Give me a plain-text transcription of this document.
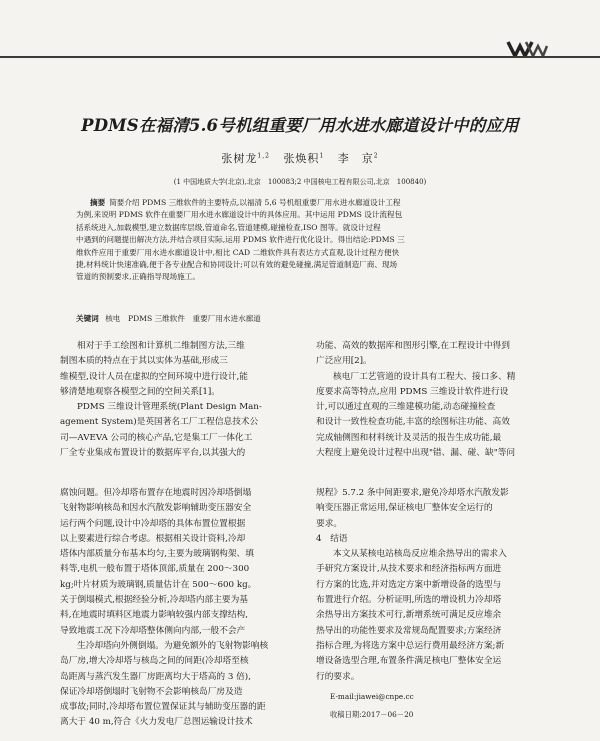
PDMS在福清5.6号机组重要厂用水进水廊道设计中的应用
张树龙$^{1,2}$ 张焕积$^1$ 李　京$^2$
(1 中国地质大学(北京),北京　100083;2 中国核电工程有限公司,北京　100840)
摘要 简要介绍 PDMS 三维软件的主要特点,以福清 5,6 号机组重要厂用水进水廊道设计工程
为例,来说明 PDMS 软件在重要厂用水进水廊道设计中的具体应用。其中运用 PDMS 设计流程包
括系统进入,加载模型,建立数据库层级,管道命名,管道建模,碰撞检查,ISO 图等。就设计过程
中遇到的问题提出解决方法,并结合项目实际,运用 PDMS 软件进行优化设计。得出结论:PDMS 三
维软件应用于重要厂用水进水廊道设计中,相比 CAD 二维软件具有表达方式直观,设计过程方便快
捷,材料统计快速准确,便于各专业配合和协同设计;可以有效的避免碰撞,满足管道制造厂商、现场
管道的预制要求,正确指导现场施工。
关键词 核电　PDMS 三维软件　重要厂用水进水廊道
相对于手工绘图和计算机二维制图方法,三维
制图本质的特点在于其以实体为基础,形成三
维模型,设计人员在虚拟的空间环境中进行设计,能
够清楚地观察各模型之间的空间关系[1]。
PDMS 三维设计管理系统(Plant Design Man-
agement System)是英国著名工厂工程信息技术公
司—AVEVA 公司的核心产品,它是集工厂一体化工
厂全专业集成布置设计的数据库平台,以其强大的
功能、高效的数据库和图形引擎,在工程设计中得到
广泛应用[2]。
核电厂工艺管道的设计具有工程大、接口多、精
度要求高等特点,应用 PDMS 三维设计软件进行设
计,可以通过直观的三维建模功能,动态碰撞检查
和设计一致性检查功能,丰富的绘图标注功能、高效
完成轴侧图和材料统计及灵活的报告生成功能,最
大程度上避免设计过程中出现"错、漏、碰、缺"等问
腐蚀问题。但冷却塔布置存在地震时因冷却塔倒塌
飞射物影响核岛和因水汽散发影响辅助变压器安全
运行两个问题,设计中冷却塔的具体布置位置根据
以上要素进行综合考虑。根据相关设计资料,冷却
塔体内部质量分布基本均匀,主要为玻璃钢构架、填
料等,电机一般布置于塔体顶部,质量在 200～300
kg;叶片材质为玻璃钢,质量估计在 500～600 kg。
关于倒塌模式,根据经验分析,冷却塔内部主要为基
料,在地震时填料区地震力影响较强内部支撑结构,
导致地震工况下冷却塔整体侧向内部,一般不会产
生冷却塔向外侧倒塌。为避免额外的飞射物影响核
岛厂房,增大冷却塔与核岛之间的间距(冷却塔至核
岛距离与蒸汽发生器厂房距离均大于塔高的 3 倍),
保证冷却塔倒塌时飞射物不会影响核岛厂房及造
成事故;同时,冷却塔布置位置保证其与辅助变压器的距
离大于 40 m,符合《火力发电厂总图运输设计技术
规程》5.7.2 条中间距要求,避免冷却塔水汽散发影
响变压器正常运用,保证核电厂整体安全运行的
要求。
4　结语
本文从某核电站核岛反应堆余热导出的需求入
手研究方案设计,从技术要求和经济指标两方面进
行方案的比选,并对选定方案中新增设备的选型与
布置进行介绍。分析证明,所选的增设机力冷却塔
余热导出方案技术可行,新增系统可满足反应堆余
热导出的功能性要求及常规岛配置要求;方案经济
指标合理,为将选方案中总运行费用最经济方案;新
增设备选型合理,布置条件满足核电厂整体安全运
行的要求。
E-mail:jiawei@cnpe.cc
收稿日期:2017－06－20
